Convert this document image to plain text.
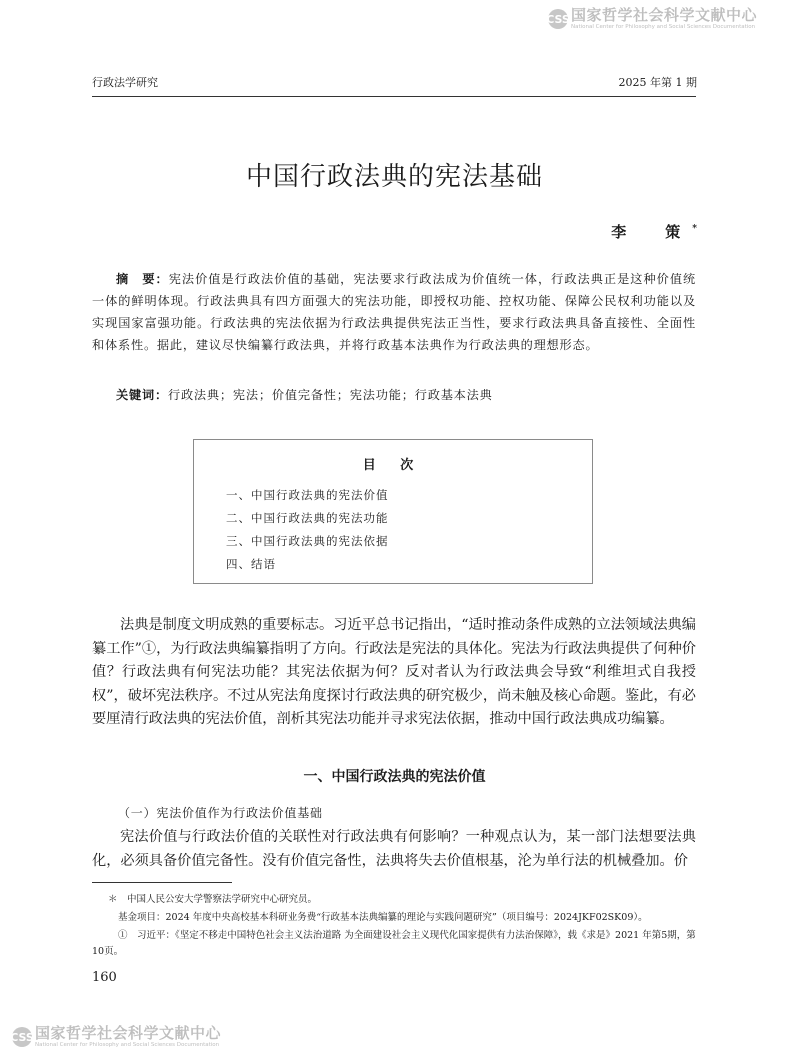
CSS 国家哲学社会科学文献中心
National Center for Philosophy and Social Sciences Documentation
行政法学研究	2025 年第 1 期
中国行政法典的宪法基础
李　策*
摘　要：宪法价值是行政法价值的基础，宪法要求行政法成为价值统一体，行政法典正是这种价值统一体的鲜明体现。行政法典具有四方面强大的宪法功能，即授权功能、控权功能、保障公民权利功能以及实现国家富强功能。行政法典的宪法依据为行政法典提供宪法正当性，要求行政法典具备直接性、全面性和体系性。据此，建议尽快编纂行政法典，并将行政基本法典作为行政法典的理想形态。
关键词：行政法典；宪法；价值完备性；宪法功能；行政基本法典
目 次
一、中国行政法典的宪法价值
二、中国行政法典的宪法功能
三、中国行政法典的宪法依据
四、结语
法典是制度文明成熟的重要标志。习近平总书记指出，“适时推动条件成熟的立法领域法典编纂工作”①，为行政法典编纂指明了方向。行政法是宪法的具体化。宪法为行政法典提供了何种价值？行政法典有何宪法功能？其宪法依据为何？反对者认为行政法典会导致“利维坦式自我授权”，破坏宪法秩序。不过从宪法角度探讨行政法典的研究极少，尚未触及核心命题。鉴此，有必要厘清行政法典的宪法价值，剖析其宪法功能并寻求宪法依据，推动中国行政法典成功编纂。
一、中国行政法典的宪法价值
（一）宪法价值作为行政法价值基础
宪法价值与行政法价值的关联性对行政法典有何影响？一种观点认为，某一部门法想要法典化，必须具备价值完备性。没有价值完备性，法典将失去价值根基，沦为单行法的机械叠加。价
＊　中国人民公安大学警察法学研究中心研究员。
基金项目：2024 年度中央高校基本科研业务费“行政基本法典编纂的理论与实践问题研究”（项目编号：2024JKF02SK09）。
①　习近平：《坚定不移走中国特色社会主义法治道路 为全面建设社会主义现代化国家提供有力法治保障》，载《求是》2021 年第5期，第10页。
160
CSS 国家哲学社会科学文献中心
National Center for Philosophy and Social Sciences Documentation
